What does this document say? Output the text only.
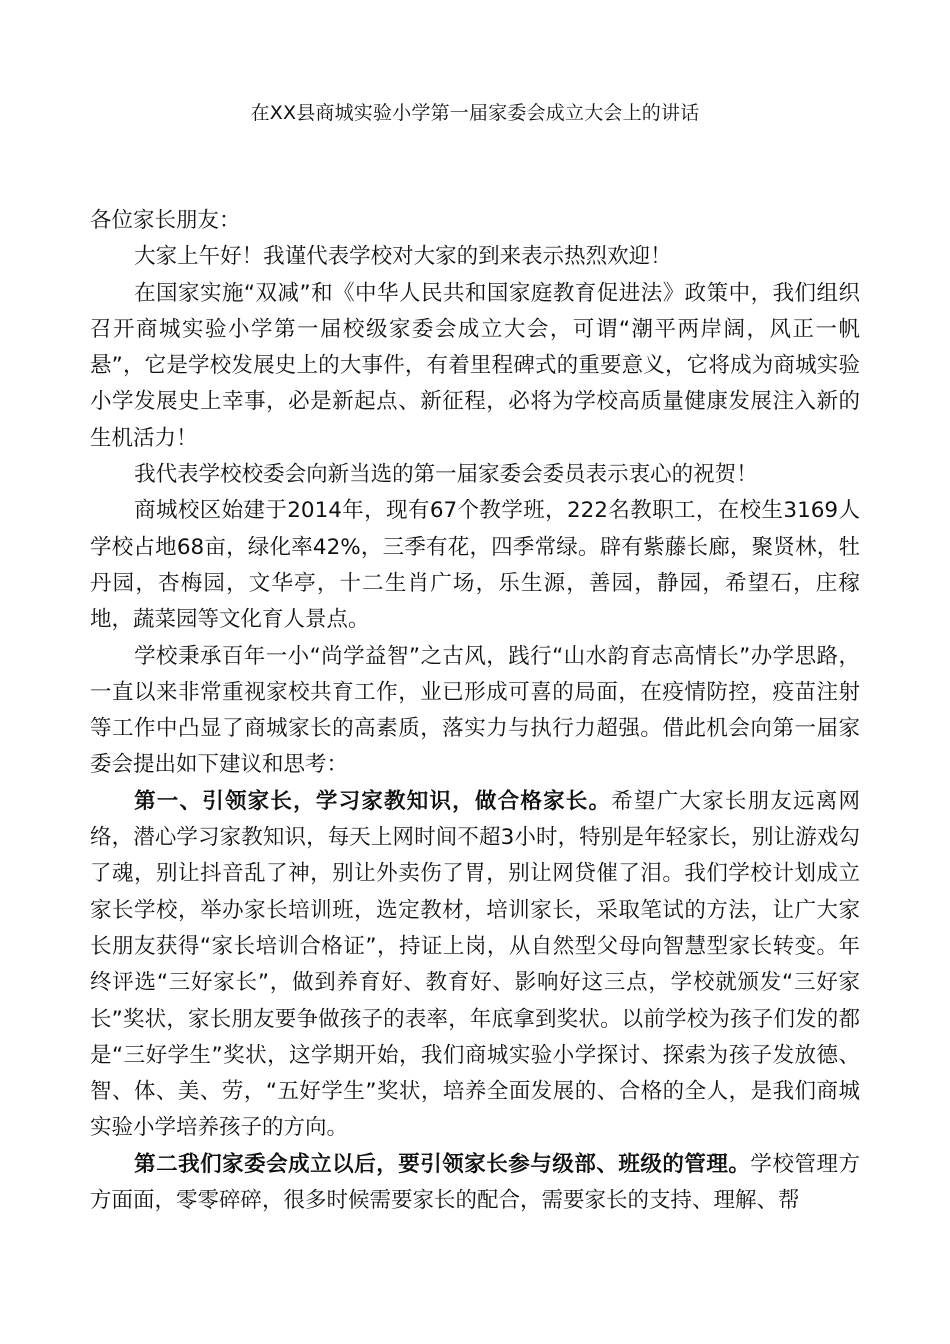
在XX县商城实验小学第一届家委会成立大会上的讲话

各位家长朋友：

大家上午好！我谨代表学校对大家的到来表示热烈欢迎！

在国家实施“双减”和《中华人民共和国家庭教育促进法》政策中，我们组织召开商城实验小学第一届校级家委会成立大会，可谓“潮平两岸阔，风正一帆悬”，它是学校发展史上的大事件，有着里程碑式的重要意义，它将成为商城实验小学发展史上幸事，必是新起点、新征程，必将为学校高质量健康发展注入新的生机活力！

我代表学校校委会向新当选的第一届家委会委员表示衷心的祝贺！

商城校区始建于2014年，现有67个教学班，222名教职工，在校生3169人学校占地68亩，绿化率42%，三季有花，四季常绿。辟有紫藤长廊，聚贤林，牡丹园，杏梅园，文华亭，十二生肖广场，乐生源，善园，静园，希望石，庄稼地，蔬菜园等文化育人景点。

学校秉承百年一小“尚学益智”之古风，践行“山水韵育志高情长”办学思路，一直以来非常重视家校共育工作，业已形成可喜的局面，在疫情防控，疫苗注射等工作中凸显了商城家长的高素质，落实力与执行力超强。借此机会向第一届家委会提出如下建议和思考：

第一、引领家长，学习家教知识，做合格家长。希望广大家长朋友远离网络，潜心学习家教知识，每天上网时间不超3小时，特别是年轻家长，别让游戏勾了魂，别让抖音乱了神，别让外卖伤了胃，别让网贷催了泪。我们学校计划成立家长学校，举办家长培训班，选定教材，培训家长，采取笔试的方法，让广大家长朋友获得“家长培训合格证”，持证上岗，从自然型父母向智慧型家长转变。年终评选“三好家长”，做到养育好、教育好、影响好这三点，学校就颁发“三好家长”奖状，家长朋友要争做孩子的表率，年底拿到奖状。以前学校为孩子们发的都是“三好学生”奖状，这学期开始，我们商城实验小学探讨、探索为孩子发放德、智、体、美、劳，“五好学生”奖状，培养全面发展的、合格的全人，是我们商城实验小学培养孩子的方向。

第二我们家委会成立以后，要引领家长参与级部、班级的管理。学校管理方方面面，零零碎碎，很多时候需要家长的配合，需要家长的支持、理解、帮
